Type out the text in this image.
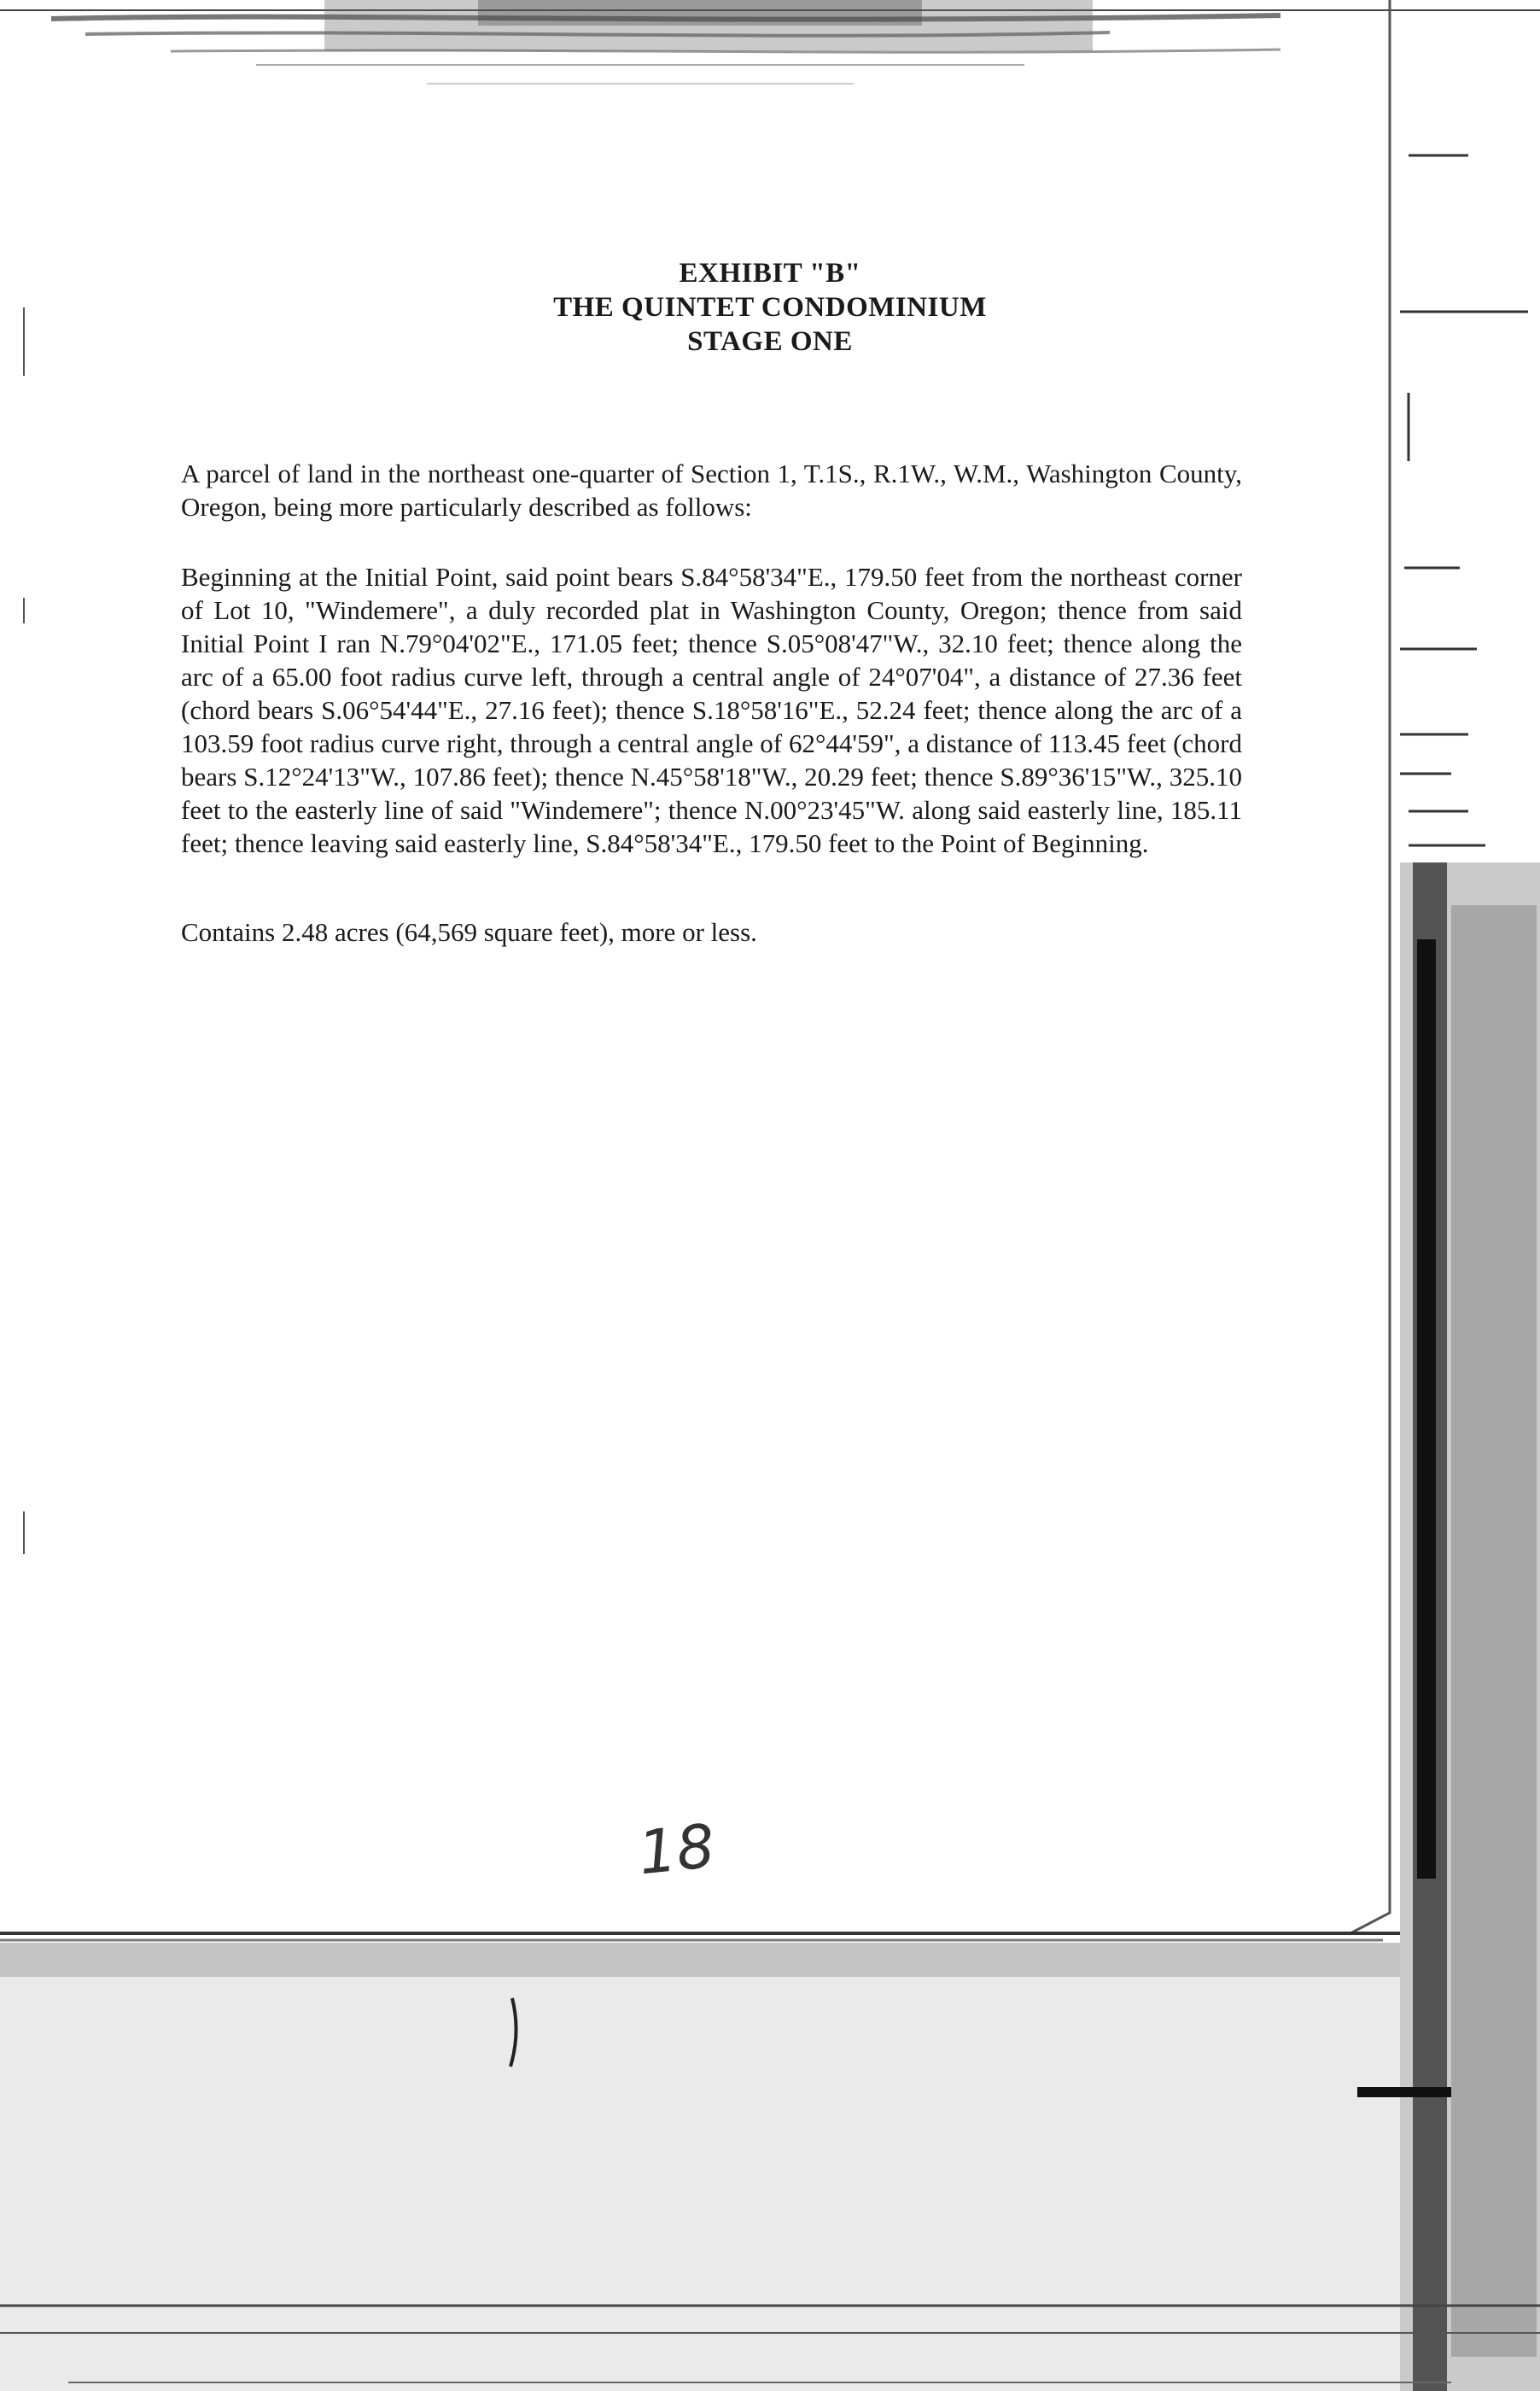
EXHIBIT "B"
THE QUINTET CONDOMINIUM
STAGE ONE

A parcel of land in the northeast one-quarter of Section 1, T.1S., R.1W., W.M., Washington County, Oregon, being more particularly described as follows:

Beginning at the Initial Point, said point bears S.84°58'34"E., 179.50 feet from the northeast corner of Lot 10, "Windemere", a duly recorded plat in Washington County, Oregon; thence from said Initial Point I ran N.79°04'02"E., 171.05 feet; thence S.05°08'47"W., 32.10 feet; thence along the arc of a 65.00 foot radius curve left, through a central angle of 24°07'04", a distance of 27.36 feet (chord bears S.06°54'44"E., 27.16 feet); thence S.18°58'16"E., 52.24 feet; thence along the arc of a 103.59 foot radius curve right, through a central angle of 62°44'59", a distance of 113.45 feet (chord bears S.12°24'13"W., 107.86 feet); thence N.45°58'18"W., 20.29 feet; thence S.89°36'15"W., 325.10 feet to the easterly line of said "Windemere"; thence N.00°23'45"W. along said easterly line, 185.11 feet; thence leaving said easterly line, S.84°58'34"E., 179.50 feet to the Point of Beginning.

Contains 2.48 acres (64,569 square feet), more or less.

18
